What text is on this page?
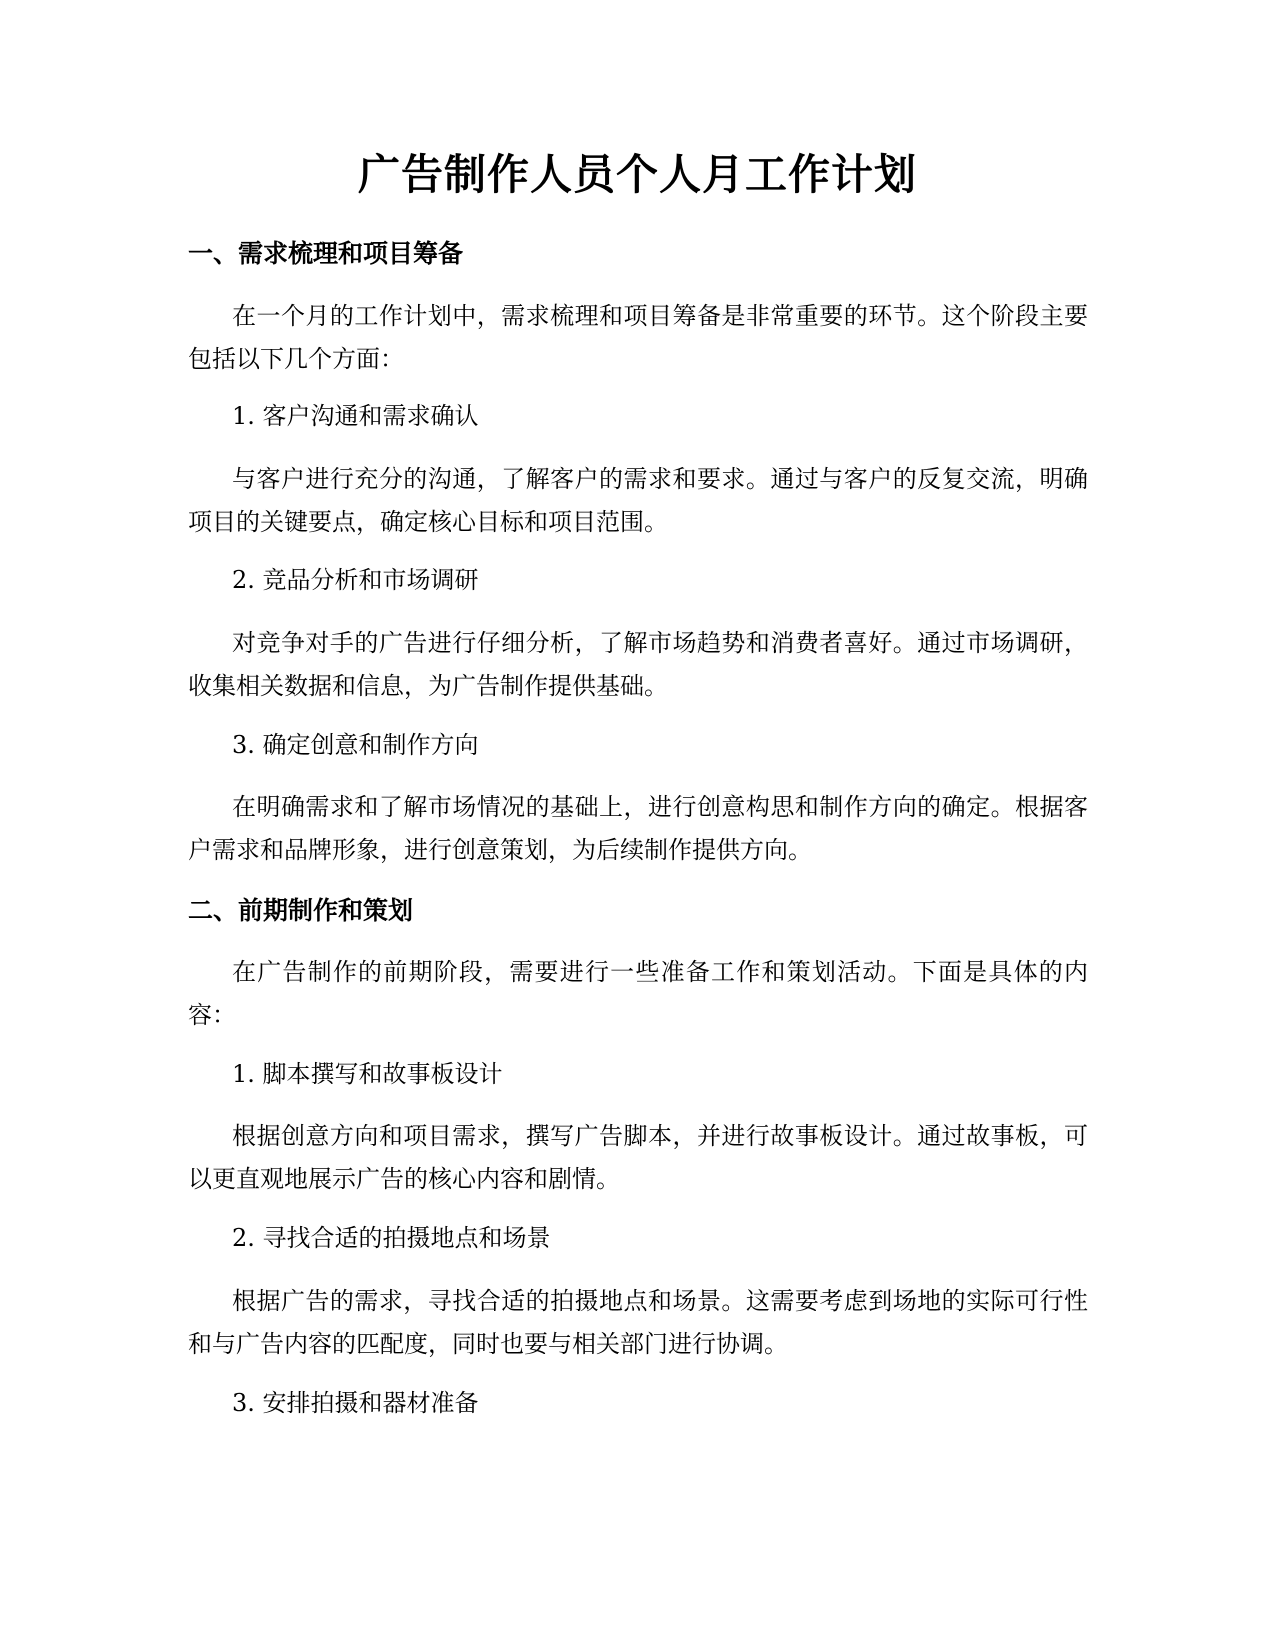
广告制作人员个人月工作计划
一、需求梳理和项目筹备

在一个月的工作计划中，需求梳理和项目筹备是非常重要的环节。这个阶段主要包括以下几个方面：

1. 客户沟通和需求确认

与客户进行充分的沟通，了解客户的需求和要求。通过与客户的反复交流，明确项目的关键要点，确定核心目标和项目范围。

2. 竞品分析和市场调研

对竞争对手的广告进行仔细分析，了解市场趋势和消费者喜好。通过市场调研，收集相关数据和信息，为广告制作提供基础。

3. 确定创意和制作方向

在明确需求和了解市场情况的基础上，进行创意构思和制作方向的确定。根据客户需求和品牌形象，进行创意策划，为后续制作提供方向。

二、前期制作和策划

在广告制作的前期阶段，需要进行一些准备工作和策划活动。下面是具体的内容：

1. 脚本撰写和故事板设计

根据创意方向和项目需求，撰写广告脚本，并进行故事板设计。通过故事板，可以更直观地展示广告的核心内容和剧情。

2. 寻找合适的拍摄地点和场景

根据广告的需求，寻找合适的拍摄地点和场景。这需要考虑到场地的实际可行性和与广告内容的匹配度，同时也要与相关部门进行协调。

3. 安排拍摄和器材准备
